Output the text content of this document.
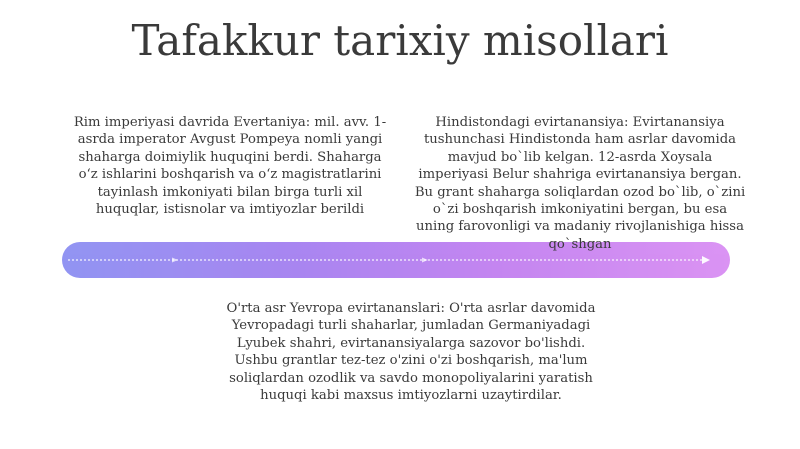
Tafakkur tarixiy misollari
Rim imperiyasi davrida Evertaniya: mil. avv. 1-asrda imperator Avgust Pompeya nomli yangi shaharga doimiylik huquqini berdi. Shaharga o‘z ishlarini boshqarish va o‘z magistratlarini tayinlash imkoniyati bilan birga turli xil huquqlar, istisnolar va imtiyozlar berildi
Hindistondagi evirtanansiya: Evirtanansiya tushunchasi Hindistonda ham asrlar davomida mavjud bo`lib kelgan. 12-asrda Xoysala imperiyasi Belur shahriga evirtanansiya bergan. Bu grant shaharga soliqlardan ozod bo`lib, o`zini o`zi boshqarish imkoniyatini bergan, bu esa uning farovonligi va madaniy rivojlanishiga hissa qo`shgan
O'rta asr Yevropa evirtananslari: O'rta asrlar davomida Yevropadagi turli shaharlar, jumladan Germaniyadagi Lyubek shahri, evirtanansiyalarga sazovor bo'lishdi. Ushbu grantlar tez-tez o'zini o'zi boshqarish, ma'lum soliqlardan ozodlik va savdo monopoliyalarini yaratish huquqi kabi maxsus imtiyozlarni uzaytirdilar.
